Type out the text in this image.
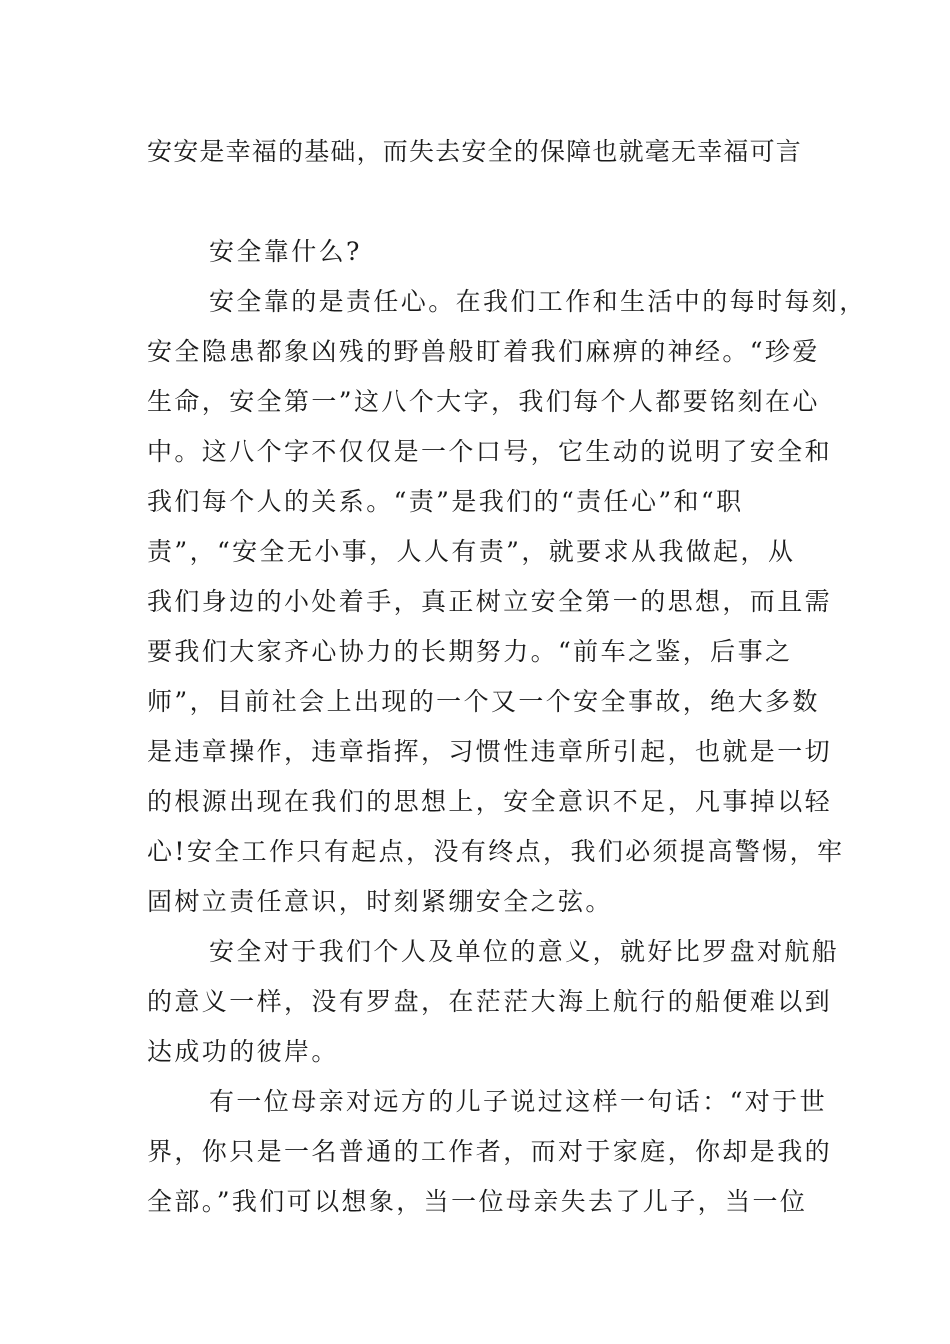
安安是幸福的基础，而失去安全的保障也就毫无幸福可言
安全靠什么?
安全靠的是责任心。在我们工作和生活中的每时每刻，
安全隐患都象凶残的野兽般盯着我们麻痹的神经。“珍爱
生命，安全第一”这八个大字，我们每个人都要铭刻在心
中。这八个字不仅仅是一个口号，它生动的说明了安全和
我们每个人的关系。“责”是我们的“责任心”和“职
责”，“安全无小事，人人有责”，就要求从我做起，从
我们身边的小处着手，真正树立安全第一的思想，而且需
要我们大家齐心协力的长期努力。“前车之鉴，后事之
师”，目前社会上出现的一个又一个安全事故，绝大多数
是违章操作，违章指挥，习惯性违章所引起，也就是一切
的根源出现在我们的思想上，安全意识不足，凡事掉以轻
心!安全工作只有起点，没有终点，我们必须提高警惕，牢
固树立责任意识，时刻紧绷安全之弦。
安全对于我们个人及单位的意义，就好比罗盘对航船
的意义一样，没有罗盘，在茫茫大海上航行的船便难以到
达成功的彼岸。
有一位母亲对远方的儿子说过这样一句话：“对于世
界，你只是一名普通的工作者，而对于家庭，你却是我的
全部。”我们可以想象，当一位母亲失去了儿子，当一位
